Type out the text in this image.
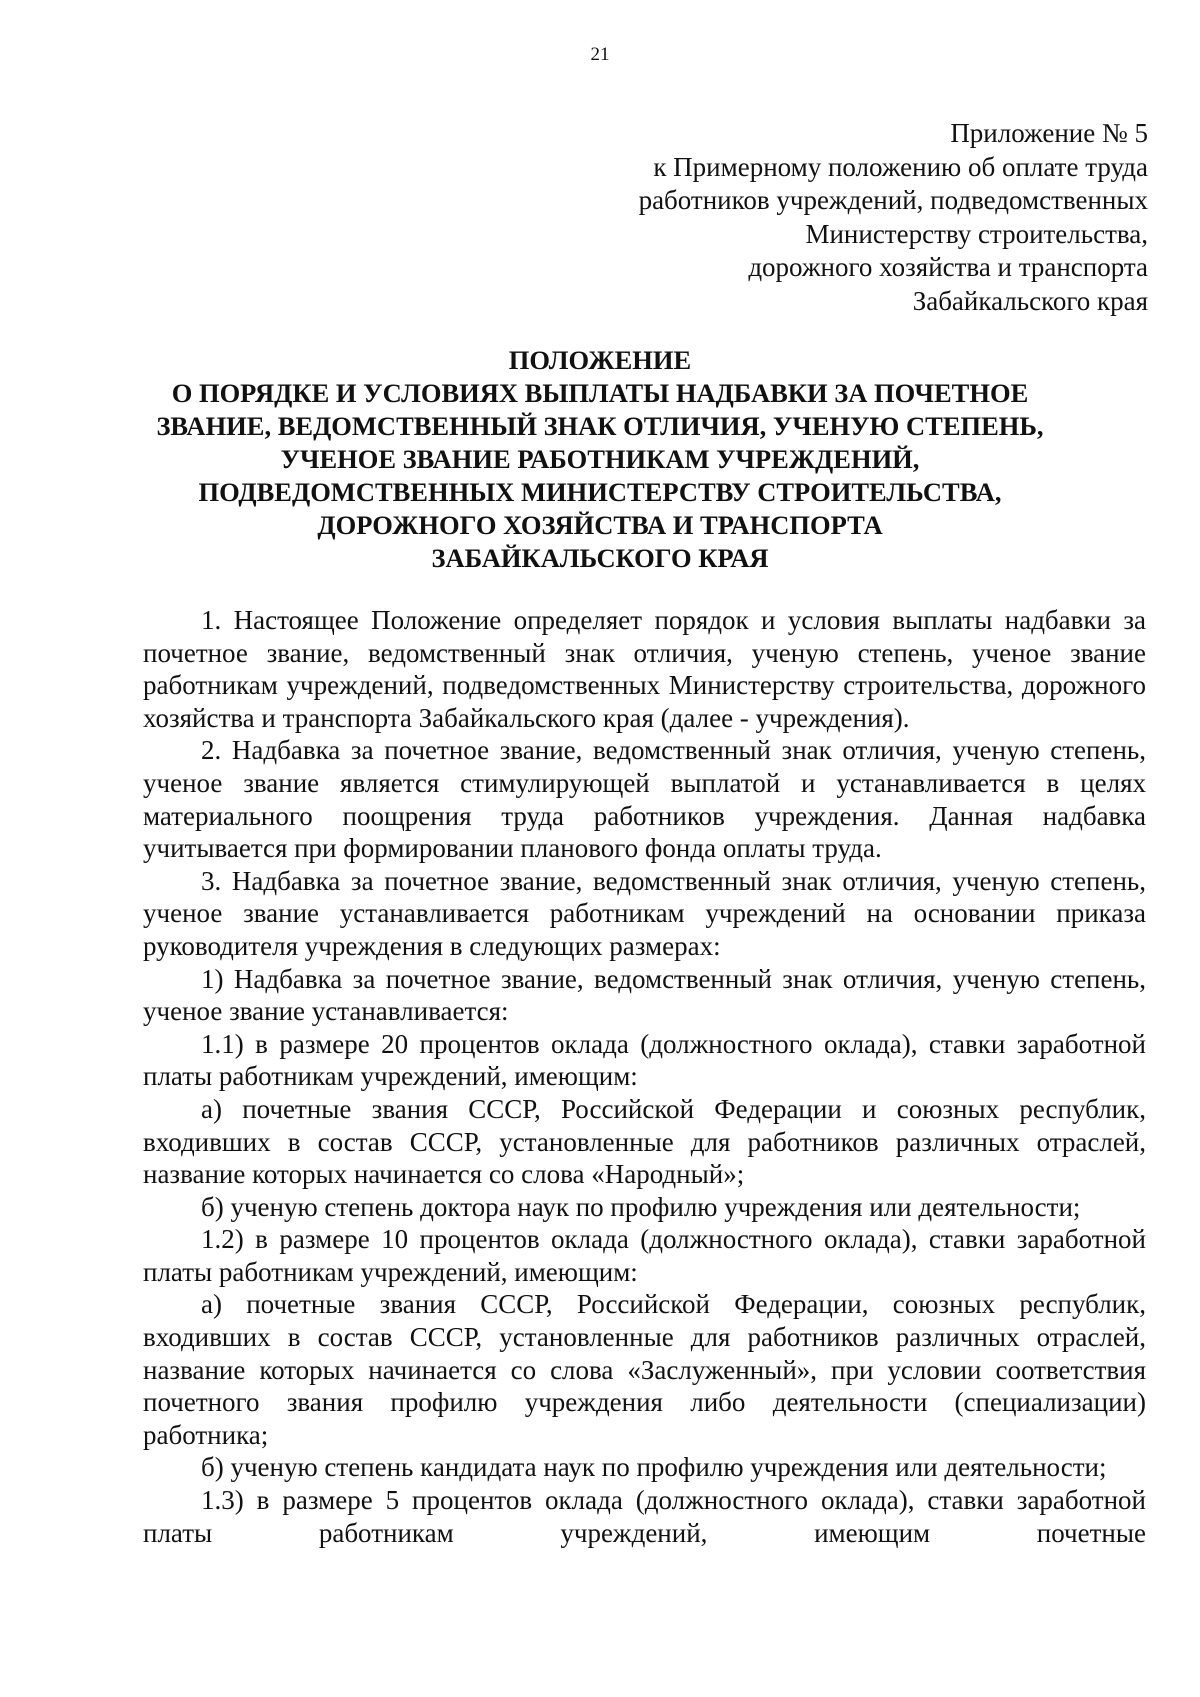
21
Приложение № 5
к Примерному положению об оплате труда
работников учреждений, подведомственных
Министерству строительства,
дорожного хозяйства и транспорта
Забайкальского края
ПОЛОЖЕНИЕ
О ПОРЯДКЕ И УСЛОВИЯХ ВЫПЛАТЫ НАДБАВКИ ЗА ПОЧЕТНОЕ
ЗВАНИЕ, ВЕДОМСТВЕННЫЙ ЗНАК ОТЛИЧИЯ, УЧЕНУЮ СТЕПЕНЬ,
УЧЕНОЕ ЗВАНИЕ РАБОТНИКАМ УЧРЕЖДЕНИЙ,
ПОДВЕДОМСТВЕННЫХ МИНИСТЕРСТВУ СТРОИТЕЛЬСТВА,
ДОРОЖНОГО ХОЗЯЙСТВА И ТРАНСПОРТА
ЗАБАЙКАЛЬСКОГО КРАЯ

1. Настоящее Положение определяет порядок и условия выплаты надбавки за почетное звание, ведомственный знак отличия, ученую степень, ученое звание работникам учреждений, подведомственных Министерству строительства, дорожного хозяйства и транспорта Забайкальского края (далее - учреждения).

2. Надбавка за почетное звание, ведомственный знак отличия, ученую степень, ученое звание является стимулирующей выплатой и устанавливается в целях материального поощрения труда работников учреждения. Данная надбавка учитывается при формировании планового фонда оплаты труда.

3. Надбавка за почетное звание, ведомственный знак отличия, ученую степень, ученое звание устанавливается работникам учреждений на основании приказа руководителя учреждения в следующих размерах:

1) Надбавка за почетное звание, ведомственный знак отличия, ученую степень, ученое звание устанавливается:

1.1) в размере 20 процентов оклада (должностного оклада), ставки заработной платы работникам учреждений, имеющим:

а) почетные звания СССР, Российской Федерации и союзных республик, входивших в состав СССР, установленные для работников различных отраслей, название которых начинается со слова «Народный»;

б) ученую степень доктора наук по профилю учреждения или деятельности;

1.2) в размере 10 процентов оклада (должностного оклада), ставки заработной платы работникам учреждений, имеющим:

а) почетные звания СССР, Российской Федерации, союзных республик, входивших в состав СССР, установленные для работников различных отраслей, название которых начинается со слова «Заслуженный», при условии соответствия почетного звания профилю учреждения либо деятельности (специализации) работника;

б) ученую степень кандидата наук по профилю учреждения или деятельности;

1.3) в размере 5 процентов оклада (должностного оклада), ставки заработной платы работникам учреждений, имеющим почетные
